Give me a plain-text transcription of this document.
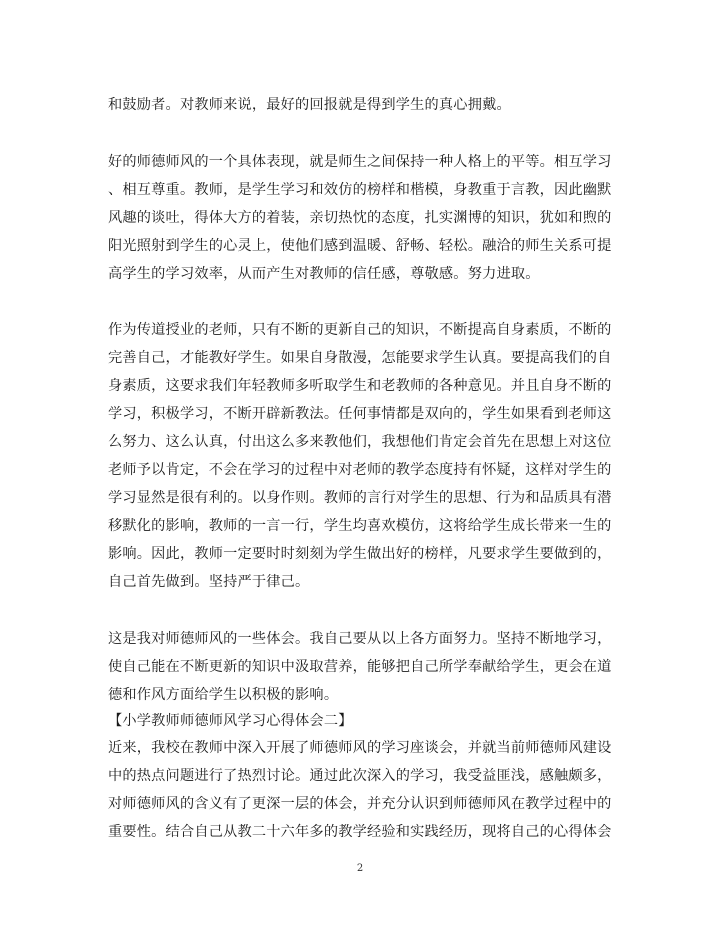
和鼓励者。对教师来说，最好的回报就是得到学生的真心拥戴。
好的师德师风的一个具体表现，就是师生之间保持一种人格上的平等。相互学习
、相互尊重。教师，是学生学习和效仿的榜样和楷模，身教重于言教，因此幽默
风趣的谈吐，得体大方的着装，亲切热忱的态度，扎实渊博的知识，犹如和煦的
阳光照射到学生的心灵上，使他们感到温暖、舒畅、轻松。融洽的师生关系可提
高学生的学习效率，从而产生对教师的信任感，尊敬感。努力进取。
作为传道授业的老师，只有不断的更新自己的知识，不断提高自身素质，不断的
完善自己，才能教好学生。如果自身散漫，怎能要求学生认真。要提高我们的自
身素质，这要求我们年轻教师多听取学生和老教师的各种意见。并且自身不断的
学习，积极学习，不断开辟新教法。任何事情都是双向的，学生如果看到老师这
么努力、这么认真，付出这么多来教他们，我想他们肯定会首先在思想上对这位
老师予以肯定，不会在学习的过程中对老师的教学态度持有怀疑，这样对学生的
学习显然是很有利的。以身作则。教师的言行对学生的思想、行为和品质具有潜
移默化的影响，教师的一言一行，学生均喜欢模仿，这将给学生成长带来一生的
影响。因此，教师一定要时时刻刻为学生做出好的榜样，凡要求学生要做到的，
自己首先做到。坚持严于律己。
这是我对师德师风的一些体会。我自己要从以上各方面努力。坚持不断地学习，
使自己能在不断更新的知识中汲取营养，能够把自己所学奉献给学生，更会在道
德和作风方面给学生以积极的影响。
【小学教师师德师风学习心得体会二】
近来，我校在教师中深入开展了师德师风的学习座谈会，并就当前师德师风建设
中的热点问题进行了热烈讨论。通过此次深入的学习，我受益匪浅，感触颇多，
对师德师风的含义有了更深一层的体会，并充分认识到师德师风在教学过程中的
重要性。结合自己从教二十六年多的教学经验和实践经历，现将自己的心得体会
2
